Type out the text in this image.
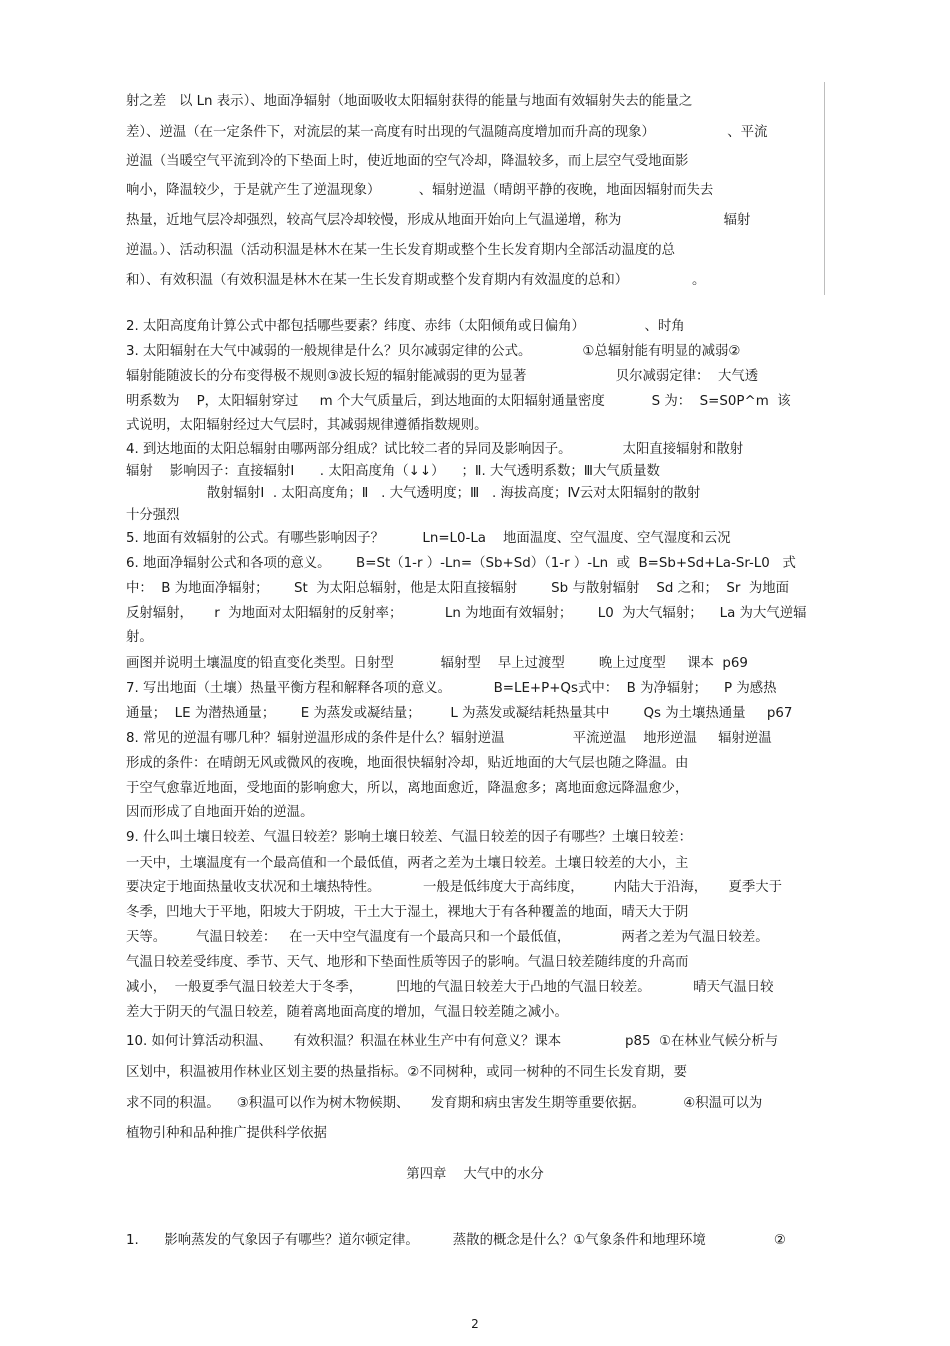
射之差   以 Ln 表示）、地面净辐射（地面吸收太阳辐射获得的能量与地面有效辐射失去的能量之

差）、逆温（在一定条件下，对流层的某一高度有时出现的气温随高度增加而升高的现象）                 、平流

逆温（当暖空气平流到冷的下垫面上时，使近地面的空气冷却，降温较多，而上层空气受地面影

响小，降温较少，于是就产生了逆温现象）         、辐射逆温（晴朗平静的夜晚，地面因辐射而失去

热量，近地气层冷却强烈，较高气层冷却较慢，形成从地面开始向上气温递增，称为                        辐射

逆温。）、活动积温（活动积温是林木在某一生长发育期或整个生长发育期内全部活动温度的总

和）、有效积温（有效积温是林木在某一生长发育期或整个发育期内有效温度的总和）               。

2. 太阳高度角计算公式中都包括哪些要素？纬度、赤纬（太阳倾角或日偏角）              、时角

3. 太阳辐射在大气中减弱的一般规律是什么？贝尔减弱定律的公式。            ①总辐射能有明显的减弱②

辐射能随波长的分布变得极不规则③波长短的辐射能减弱的更为显著                     贝尔减弱定律：  大气透

明系数为    P，太阳辐射穿过     m 个大气质量后，到达地面的太阳辐射通量密度           S 为：  S=S0P^m  该

式说明，太阳辐射经过大气层时，其减弱规律遵循指数规则。

4. 到达地面的太阳总辐射由哪两部分组成？试比较二者的异同及影响因子。            太阳直接辐射和散射

辐射    影响因子：直接辐射Ⅰ      . 太阳高度角（↓↓）    ；Ⅱ. 大气透明系数；Ⅲ大气质量数

散射辐射Ⅰ  . 太阳高度角；Ⅱ   . 大气透明度；Ⅲ   . 海拔高度；Ⅳ云对太阳辐射的散射

十分强烈

5. 地面有效辐射的公式。有哪些影响因子？         Ln=L0-La    地面温度、空气温度、空气湿度和云况

6. 地面净辐射公式和各项的意义。      B=St（1-r ）-Ln=（Sb+Sd）（1-r ）-Ln  或  B=Sb+Sd+La-Sr-L0   式

中：  B 为地面净辐射；      St  为太阳总辐射，他是太阳直接辐射        Sb 与散射辐射    Sd 之和；  Sr  为地面

反射辐射，     r  为地面对太阳辐射的反射率；          Ln 为地面有效辐射；      L0  为大气辐射；    La 为大气逆辐

射。

画图并说明土壤温度的铅直变化类型。日射型           辐射型    早上过渡型        晚上过度型     课本  p69

7. 写出地面（土壤）热量平衡方程和解释各项的意义。          B=LE+P+Qs式中：  B 为净辐射；    P 为感热

通量；  LE 为潜热通量；      E 为蒸发或凝结量；       L 为蒸发或凝结耗热量其中        Qs 为土壤热通量     p67

8. 常见的逆温有哪几种？辐射逆温形成的条件是什么？辐射逆温                平流逆温    地形逆温     辐射逆温

形成的条件：在晴朗无风或微风的夜晚，地面很快辐射冷却，贴近地面的大气层也随之降温。由

于空气愈靠近地面，受地面的影响愈大，所以，离地面愈近，降温愈多；离地面愈远降温愈少，

因而形成了自地面开始的逆温。

9. 什么叫土壤日较差、气温日较差？影响土壤日较差、气温日较差的因子有哪些？土壤日较差：

一天中，土壤温度有一个最高值和一个最低值，两者之差为土壤日较差。土壤日较差的大小，主

要决定于地面热量收支状况和土壤热特性。          一般是低纬度大于高纬度，       内陆大于沿海，     夏季大于

冬季，凹地大于平地，阳坡大于阴坡，干土大于湿土，裸地大于有各种覆盖的地面，晴天大于阴

天等。       气温日较差：   在一天中空气温度有一个最高只和一个最低值，            两者之差为气温日较差。

气温日较差受纬度、季节、天气、地形和下垫面性质等因子的影响。气温日较差随纬度的升高而

减小，  一般夏季气温日较差大于冬季，        凹地的气温日较差大于凸地的气温日较差。          晴天气温日较

差大于阴天的气温日较差，随着离地面高度的增加，气温日较差随之减小。

10. 如何计算活动积温、     有效积温？积温在林业生产中有何意义？课本               p85  ①在林业气候分析与

区划中，积温被用作林业区划主要的热量指标。②不同树种，或同一树种的不同生长发育期，要

求不同的积温。    ③积温可以作为树木物候期、     发育期和病虫害发生期等重要依据。         ④积温可以为

植物引种和品种推广提供科学依据

第四章    大气中的水分

1.      影响蒸发的气象因子有哪些？道尔顿定律。        蒸散的概念是什么？①气象条件和地理环境                ②

2
